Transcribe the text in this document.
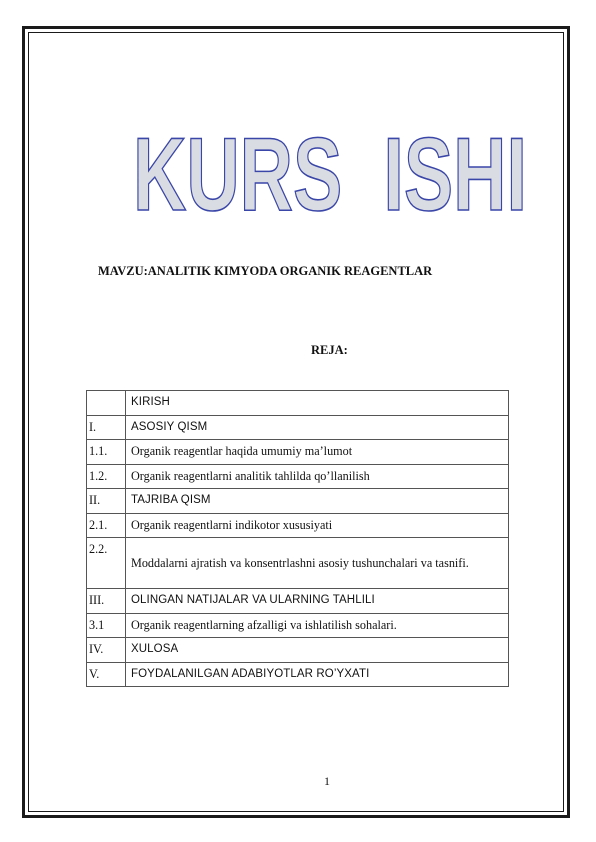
KURS  ISHI
MAVZU:ANALITIK KIMYODA ORGANIK REAGENTLAR
REJA:
	KIRISH
I.	ASOSIY QISM
1.1.	Organik reagentlar haqida umumiy ma’lumot
1.2.	Organik reagentlarni analitik tahlilda qo’llanilish
II.	TAJRIBA QISM
2.1.	Organik reagentlarni indikotor xususiyati
2.2.	Moddalarni ajratish va konsentrlashni asosiy tushunchalari va tasnifi.
III.	OLINGAN NATIJALAR VA ULARNING TAHLILI
3.1	Organik reagentlarning afzalligi va ishlatilish sohalari.
IV.	XULOSA
V.	FOYDALANILGAN ADABIYOTLAR RO’YXATI
1
